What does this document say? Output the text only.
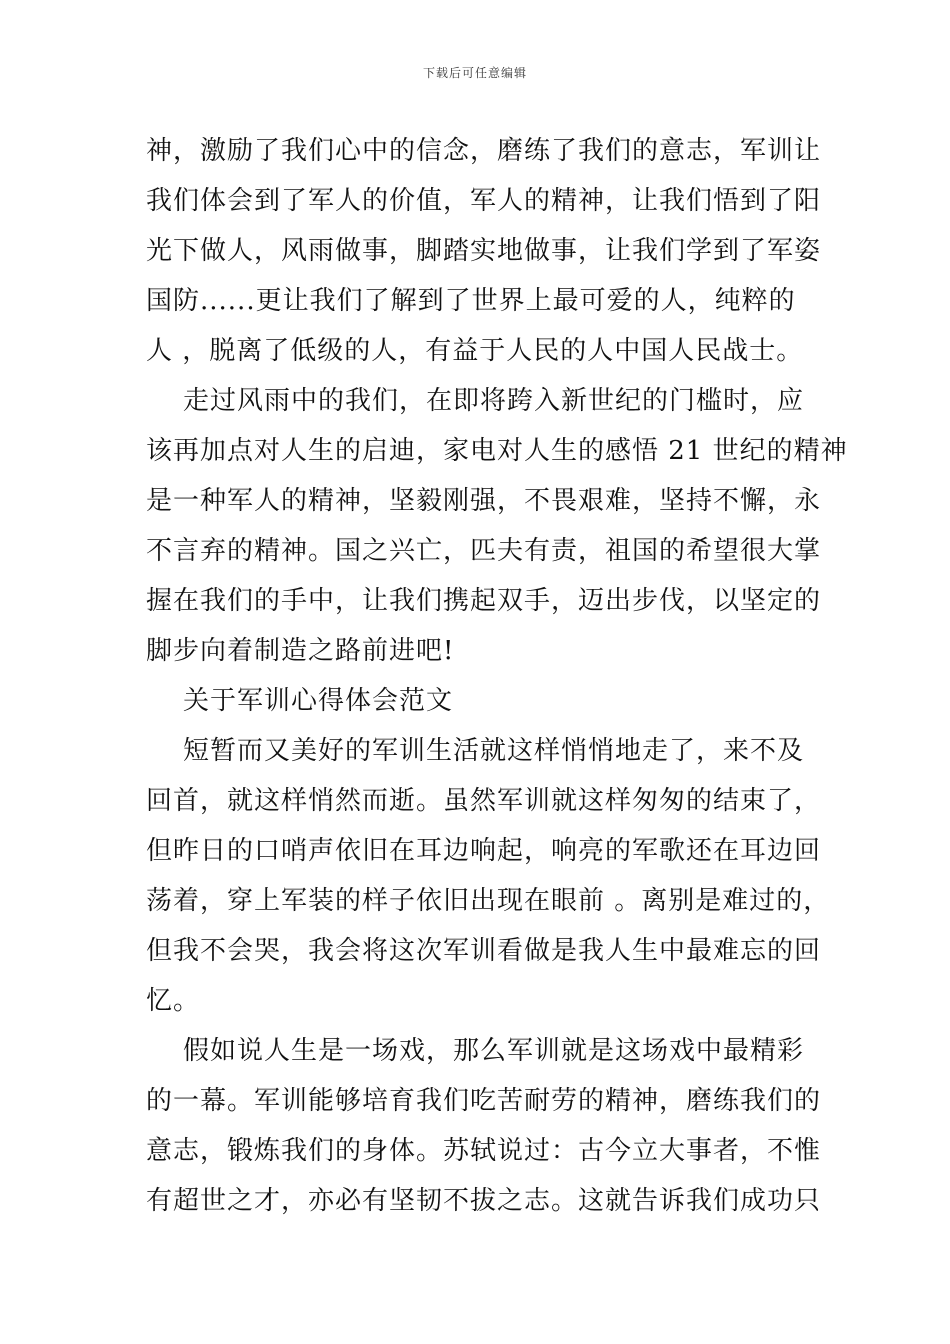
下载后可任意编辑
神，激励了我们心中的信念，磨练了我们的意志，军训让
我们体会到了军人的价值，军人的精神，让我们悟到了阳
光下做人，风雨做事，脚踏实地做事，让我们学到了军姿
国防......更让我们了解到了世界上最可爱的人，纯粹的
人 ，脱离了低级的人，有益于人民的人中国人民战士。
走过风雨中的我们，在即将跨入新世纪的门槛时，应
该再加点对人生的启迪，家电对人生的感悟 21 世纪的精神
是一种军人的精神，坚毅刚强，不畏艰难，坚持不懈，永
不言弃的精神。国之兴亡，匹夫有责，祖国的希望很大掌
握在我们的手中，让我们携起双手，迈出步伐，以坚定的
脚步向着制造之路前进吧!
关于军训心得体会范文
短暂而又美好的军训生活就这样悄悄地走了，来不及
回首，就这样悄然而逝。虽然军训就这样匆匆的结束了，
但昨日的口哨声依旧在耳边响起，响亮的军歌还在耳边回
荡着，穿上军装的样子依旧出现在眼前 。离别是难过的，
但我不会哭，我会将这次军训看做是我人生中最难忘的回
忆。
假如说人生是一场戏，那么军训就是这场戏中最精彩
的一幕。军训能够培育我们吃苦耐劳的精神，磨练我们的
意志，锻炼我们的身体。苏轼说过：古今立大事者，不惟
有超世之才，亦必有坚韧不拔之志。这就告诉我们成功只
